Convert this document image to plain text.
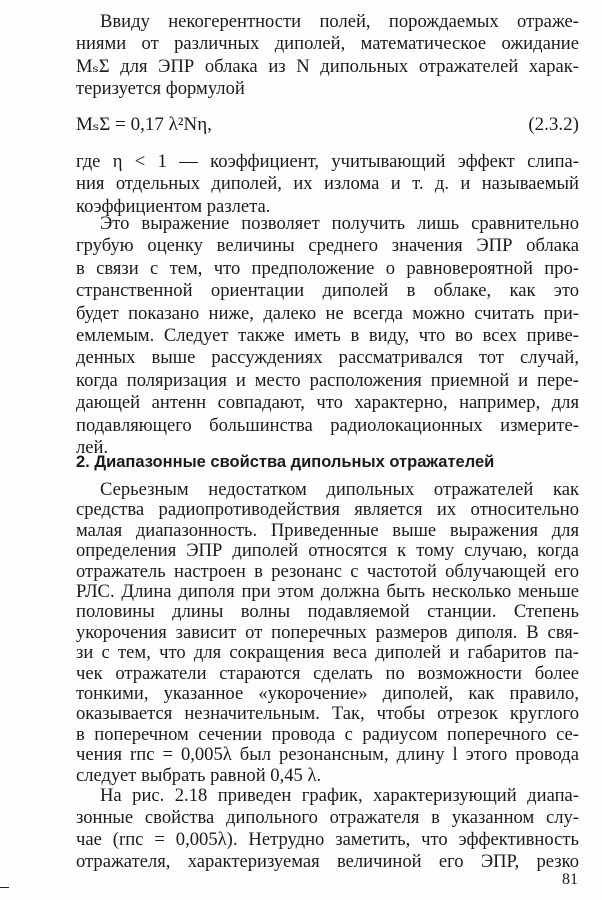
Ввиду некогерентности полей, порождаемых отраже-
ниями от различных диполей, математическое ожидание
MₛΣ для ЭПР облака из N дипольных отражателей харак-
теризуется формулой
MₛΣ = 0,17 λ²Nη,	(2.3.2)
где η < 1 — коэффициент, учитывающий эффект слипа-
ния отдельных диполей, их излома и т. д. и называемый
коэффициентом разлета.
Это выражение позволяет получить лишь сравнительно
грубую оценку величины среднего значения ЭПР облака
в связи с тем, что предположение о равновероятной про-
странственной ориентации диполей в облаке, как это
будет показано ниже, далеко не всегда можно считать при-
емлемым. Следует также иметь в виду, что во всех приве-
денных выше рассуждениях рассматривался тот случай,
когда поляризация и место расположения приемной и пере-
дающей антенн совпадают, что характерно, например, для
подавляющего большинства радиолокационных измерите-
2. Диапазонные свойства дипольных отражателей
Серьезным недостатком дипольных отражателей как
средства радиопротиводействия является их относительно
малая диапазонность. Приведенные выше выражения для
определения ЭПР диполей относятся к тому случаю, когда
отражатель настроен в резонанс с частотой облучающей его
РЛС. Длина диполя при этом должна быть несколько меньше
половины длины волны подавляемой станции. Степень
укорочения зависит от поперечных размеров диполя. В свя-
зи с тем, что для сокращения веса диполей и габаритов па-
чек отражатели стараются сделать по возможности более
тонкими, указанное «укорочение» диполей, как правило,
оказывается незначительным. Так, чтобы отрезок круглого
в поперечном сечении провода с радиусом поперечного се-
чения rпс = 0,005λ был резонансным, длину l этого провода
следует выбрать равной 0,45 λ.
На рис. 2.18 приведен график, характеризующий диапа-
зонные свойства дипольного отражателя в указанном слу-
чае (rпс = 0,005λ). Нетрудно заметить, что эффективность
отражателя, характеризуемая величиной его ЭПР, резко
81
лей.
